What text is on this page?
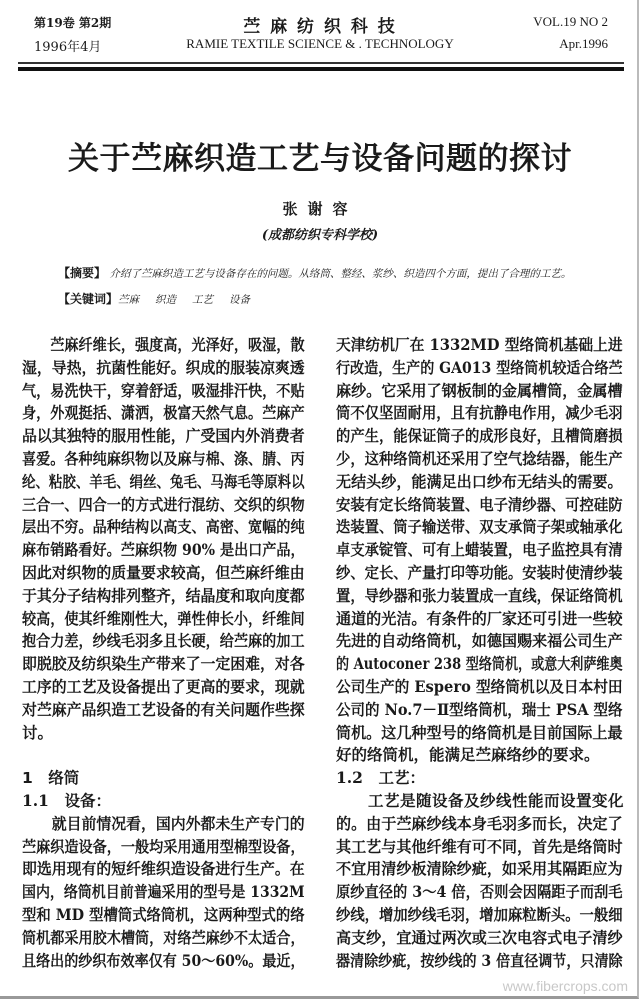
第19卷 第2期
1996年4月
苎 麻 纺 织 科 技
RAMIE TEXTILE SCIENCE & . TECHNOLOGY
VOL.19 NO 2
Apr.1996
关于苎麻织造工艺与设备问题的探讨
张谢容
(成都纺织专科学校)
【摘要】 介绍了苎麻织造工艺与设备存在的问题。从络筒、整经、浆纱、织造四个方面，提出了合理的工艺。
【关键词】苎麻 织造 工艺 设备
　　苎麻纤维长，强度高，光泽好，吸湿，散
湿，导热，抗菌性能好。织成的服装凉爽透
气，易洗快干，穿着舒适，吸湿排汗快，不贴
身，外观挺括、潇洒，极富天然气息。苎麻产
品以其独特的服用性能，广受国内外消费者
喜爱。各种纯麻织物以及麻与棉、涤、腈、丙
纶、粘胶、羊毛、绢丝、兔毛、马海毛等原料以
三合一、四合一的方式进行混纺、交织的织物
层出不穷。品种结构以高支、高密、宽幅的纯
麻布销路看好。苎麻织物 90% 是出口产品，
因此对织物的质量要求较高，但苎麻纤维由
于其分子结构排列整齐，结晶度和取向度都
较高，使其纤维刚性大，弹性伸长小，纤维间
抱合力差，纱线毛羽多且长硬，给苎麻的加工
即脱胶及纺织染生产带来了一定困难，对各
工序的工艺及设备提出了更高的要求，现就
对苎麻产品织造工艺设备的有关问题作些探
讨。
1　络筒
1.1　设备：
　　就目前情况看，国内外都未生产专门的
苎麻织造设备，一般均采用通用型棉型设备，
即选用现有的短纤维织造设备进行生产。在
国内，络筒机目前普遍采用的型号是 1332M
型和 MD 型槽筒式络筒机，这两种型式的络
筒机都采用胶木槽筒，对络苎麻纱不太适合，
且络出的纱织布效率仅有 50～60%。最近，
天津纺机厂在 1332MD 型络筒机基础上进
行改造，生产的 GA013 型络筒机较适合络苎
麻纱。它采用了钢板制的金属槽筒，金属槽
筒不仅坚固耐用，且有抗静电作用，减少毛羽
的产生，能保证筒子的成形良好，且槽筒磨损
少，这种络筒机还采用了空气捻结器，能生产
无结头纱，能满足出口纱布无结头的需要。
安装有定长络筒装置、电子清纱器、可控硅防
迭装置、筒子输送带、双支承筒子架或轴承化
卓支承锭管、可有上蜡装置，电子监控具有清
纱、定长、产量打印等功能。安装时使清纱装
置，导纱器和张力装置成一直线，保证络筒机
通道的光洁。有条件的厂家还可引进一些较
先进的自动络筒机，如德国赐来福公司生产
的 Autoconer 238 型络筒机，或意大利萨维奥
公司生产的 Espero 型络筒机以及日本村田
公司的 No.7－Ⅱ型络筒机，瑞士 PSA 型络
筒机。这几种型号的络筒机是目前国际上最
好的络筒机，能满足苎麻络纱的要求。
1.2　工艺：
　　工艺是随设备及纱线性能而设置变化
的。由于苎麻纱线本身毛羽多而长，决定了
其工艺与其他纤维有可不同，首先是络筒时
不宜用清纱板清除纱疵，如采用其隔距应为
原纱直径的 3～4 倍，否则会因隔距子而刮毛
纱线，增加纱线毛羽，增加麻粒断头。一般细
高支纱，宜通过两次或三次电容式电子清纱
器清除纱疵，按纱线的 3 倍直径调节，只清除
www.fibercrops.com
